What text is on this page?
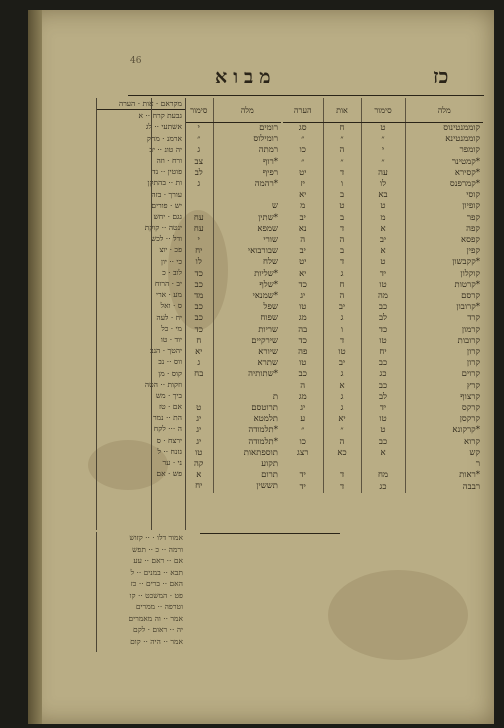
46
מבוא	כז
מלה	סימור	אות	הערה
קוממנטינוס	ט	ח	סג
קוממנטינא	״	״	״
קומפר	י	ה	כו
*קמטינר	״	״	״
*קסירא	עה	ד	יט
*קמרפנס	לו	ו	יז
קוסי	בא	ב	יא
קופיון	ט	ט	מ
קפר	מ	ב	יב
קפה	א	ד	נא
קפסא	יב	ה	ה
קפין	א	ב	יב
*קקבשון	ט	ד	יט
קוקלון	יד	ג	יא
*קרטות	טו	ח	כד
קרסם	מה	ה	יג
*קרובון	כב	יב	טו
קרד	לב	ג	מג
קרמון	כד	ו	בה
קרובות	טו	ד	כד
קרון	יח	טו	פה
קרון	כב	יב	טו
קרוים	כג	ג	כב
קרץ	כב	א	ה
קרצוף	לב	ג	מג
קרקס	יד	ג	יג
קרקסן	טו	יא	ע
*קרקונא	ט	״	״
קרוא	כב	ה	כו
קש	א	כא	רצג
ר			
*ראות	מח	ד	יד
רבבה	כג	ד	יד
מלה	סימור
רומים	י
רומילוס	״
רמתה	ג
*רוף	צב
רפיף	לב
*רהמה	ג

ש	
*שתין	עח
שמפא	עח
שורי	י
שבורבואי	יח
שלח	לו
*שליות	כד
*שלף	כב
*שמנאי	מד
שפל	כב
שפוח	כב
שריות	כד
שירקיים	ח
שיורא	יא
שתרא	ג
*שתותיה	בח

ת	
תרוטסם	ט
תלמטא	יג
*תלמודה	יג
*תלמודה	יג
תוספתאות	טו
תקוע	קה
תרום	א
תששין	יח
מקראם · אות · הערה
גבעת קרח ·· א
אשתעי ·· לג
ארמנ · מחק
יה טונ ·· יב
ורח · וזה
פוטין ·· נד
ות ·· בהתקן
עורך · בזה
יש · פורים
גגם · יחש
ינטה ·· קוקת
ודל ·· לכש
פכ · יוצ
כי ·· יון
לוב · כ
יב · הרוח
מע · ארי
ס · ואל
יח · לעה
מי · כל
יוד · טו
יהטך · הנב
ווס ·· נב
קוס · מן
וזקות ·· הטה
ביך · מש
אם · טז
הת ·· נמר
ה ··· לקח
ירצח · ס
גזנח ·· ל
ני · ער
פש · אם
אמור דלו · ·· קזוש
ורמה ·· כ ·· תפש
אם ·· ראם ·· עע
תבא ·· במנים ·· ל
האם ·· ברים ·· כז
פט · המשכט ·· קו
וטרפה ·· ממרים
אמר ·· וה מאמרים
יה ·· ראום · לקם
אמר ·· היה ·· קום
